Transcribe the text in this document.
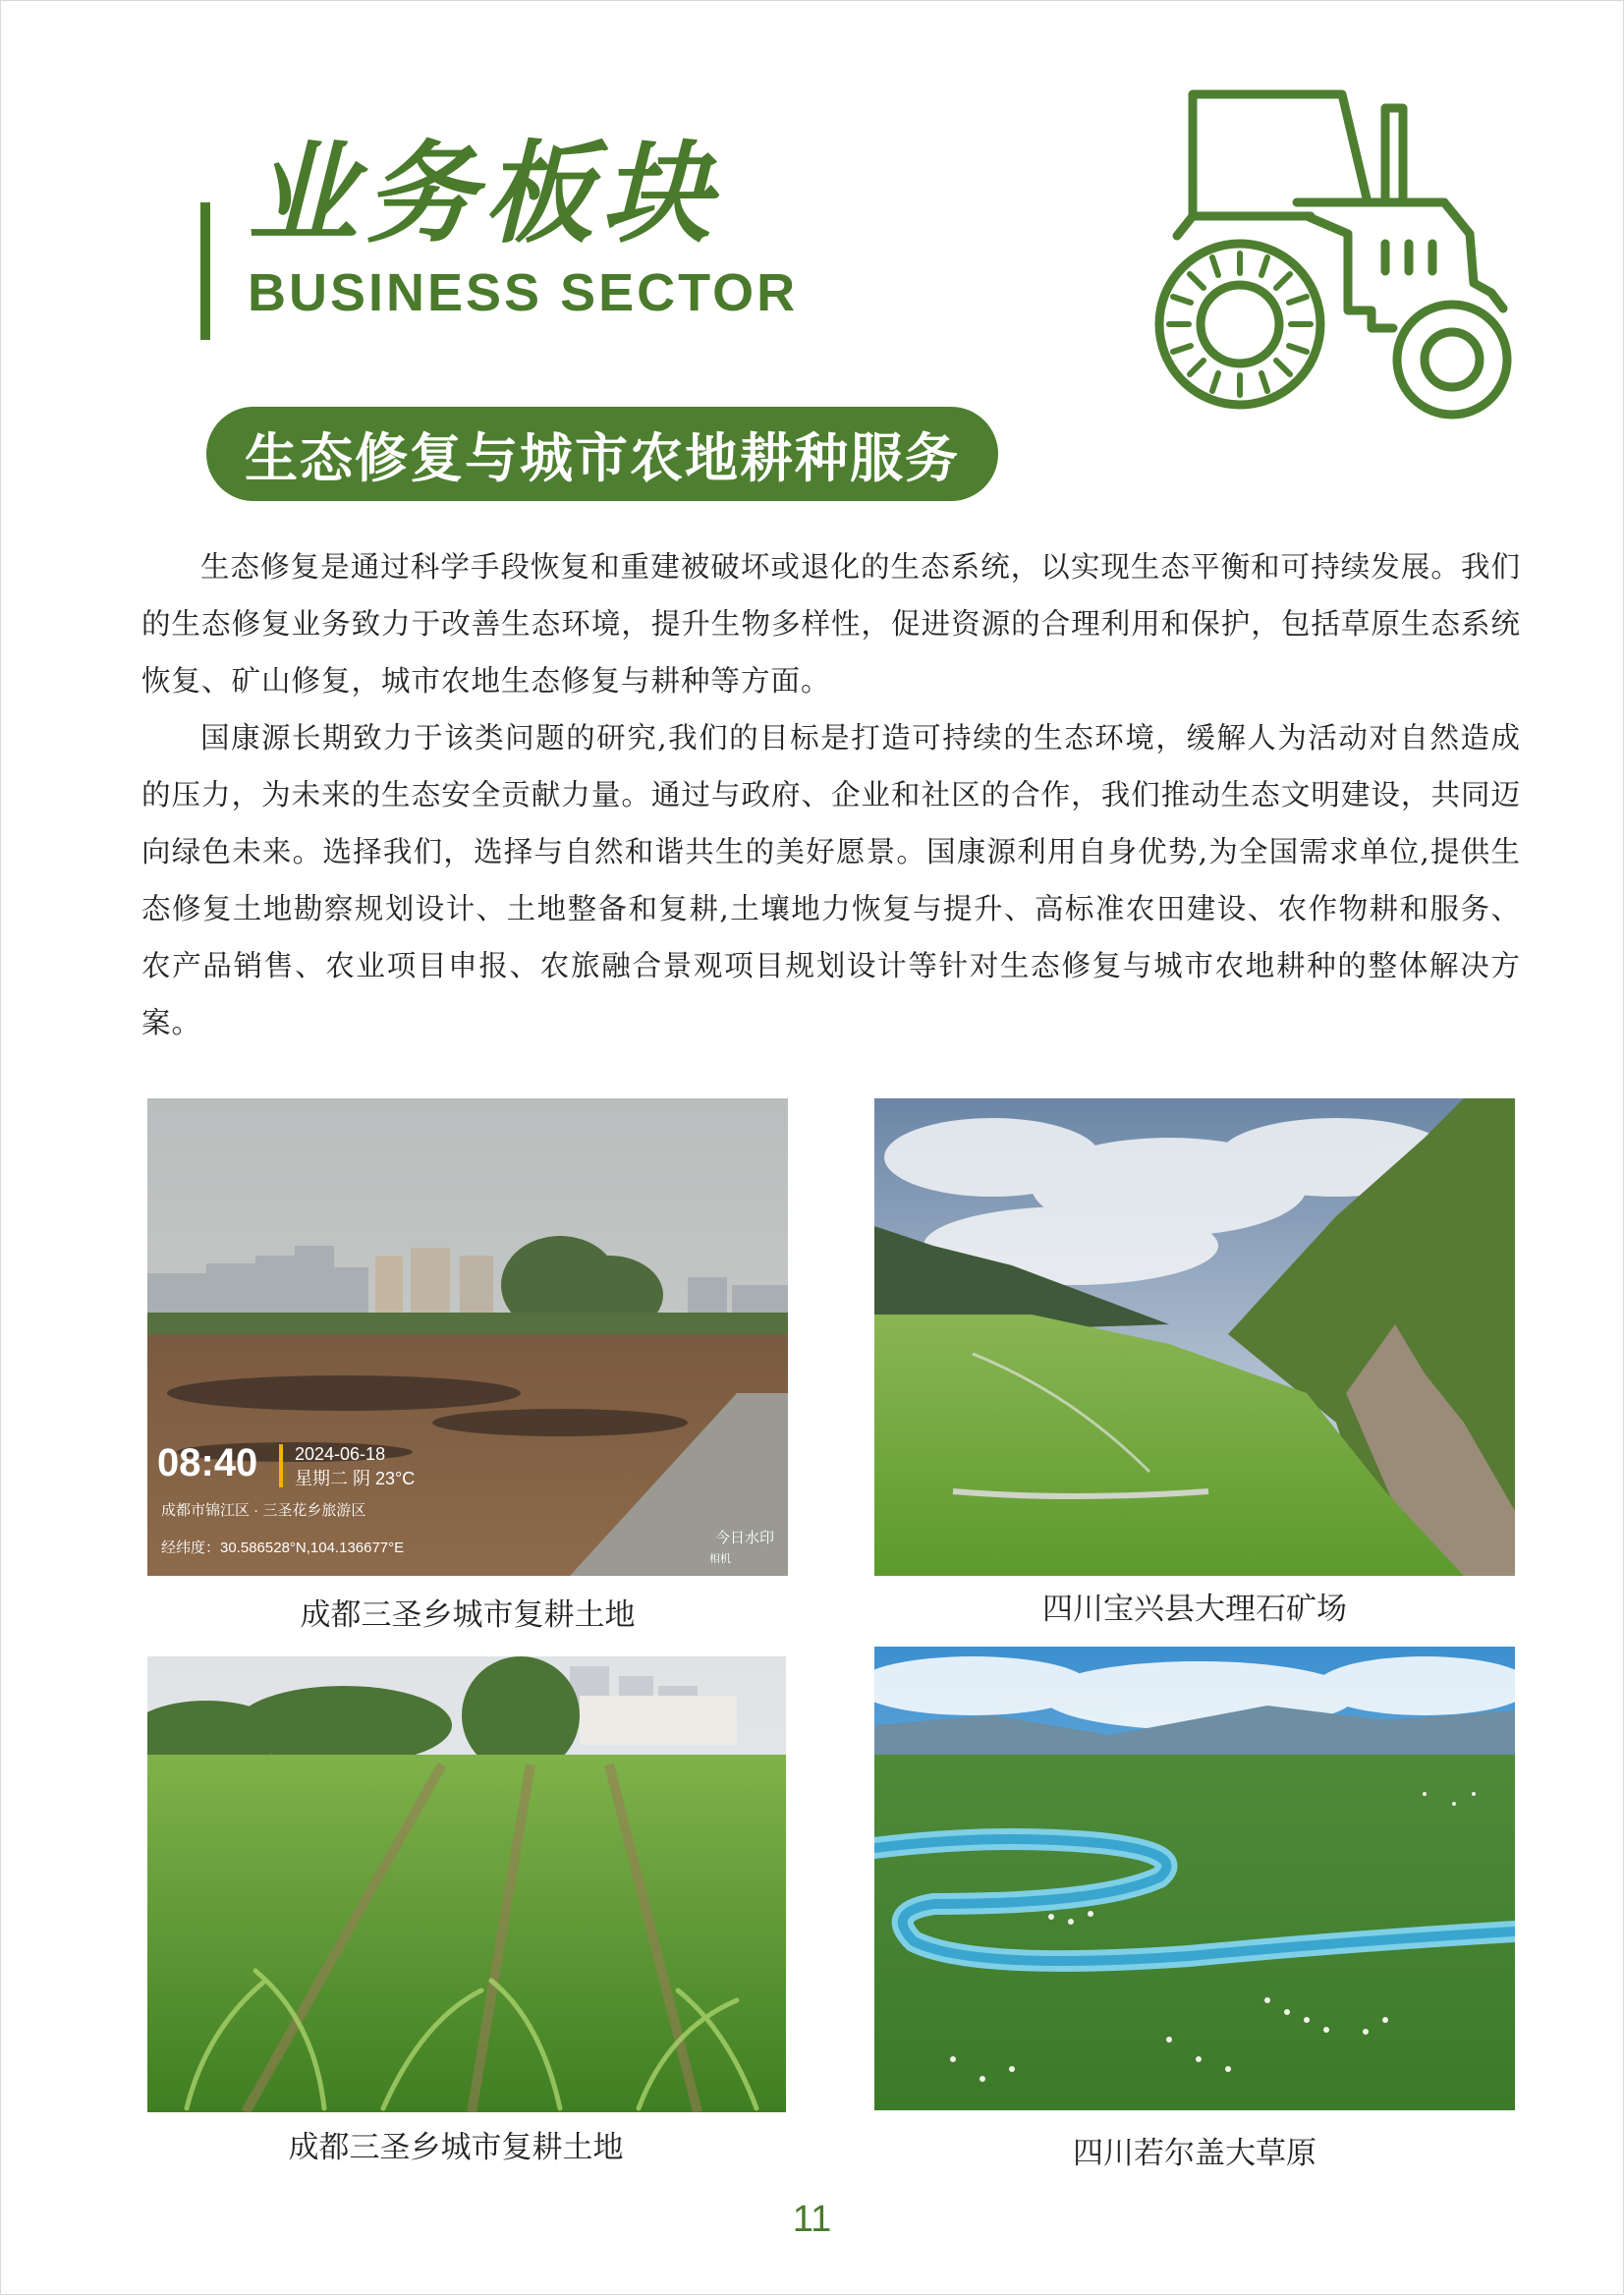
业务板块
BUSINESS SECTOR
生态修复与城市农地耕种服务

生态修复是通过科学手段恢复和重建被破坏或退化的生态系统，以实现生态平衡和可持续发展。我们的生态修复业务致力于改善生态环境，提升生物多样性，促进资源的合理利用和保护，包括草原生态系统恢复、矿山修复，城市农地生态修复与耕种等方面。

国康源长期致力于该类问题的研究,我们的目标是打造可持续的生态环境，缓解人为活动对自然造成的压力，为未来的生态安全贡献力量。通过与政府、企业和社区的合作，我们推动生态文明建设，共同迈向绿色未来。选择我们，选择与自然和谐共生的美好愿景。国康源利用自身优势,为全国需求单位,提供生态修复土地勘察规划设计、土地整备和复耕,土壤地力恢复与提升、高标准农田建设、农作物耕和服务、农产品销售、农业项目申报、农旅融合景观项目规划设计等针对生态修复与城市农地耕种的整体解决方案。

08:40 2024-06-18
星期二 阴 23°C
成都市锦江区 · 三圣花乡旅游区
经纬度：30.586528°N,104.136677°E
今日水印
相机
成都三圣乡城市复耕土地	四川宝兴县大理石矿场
成都三圣乡城市复耕土地	四川若尔盖大草原
11
